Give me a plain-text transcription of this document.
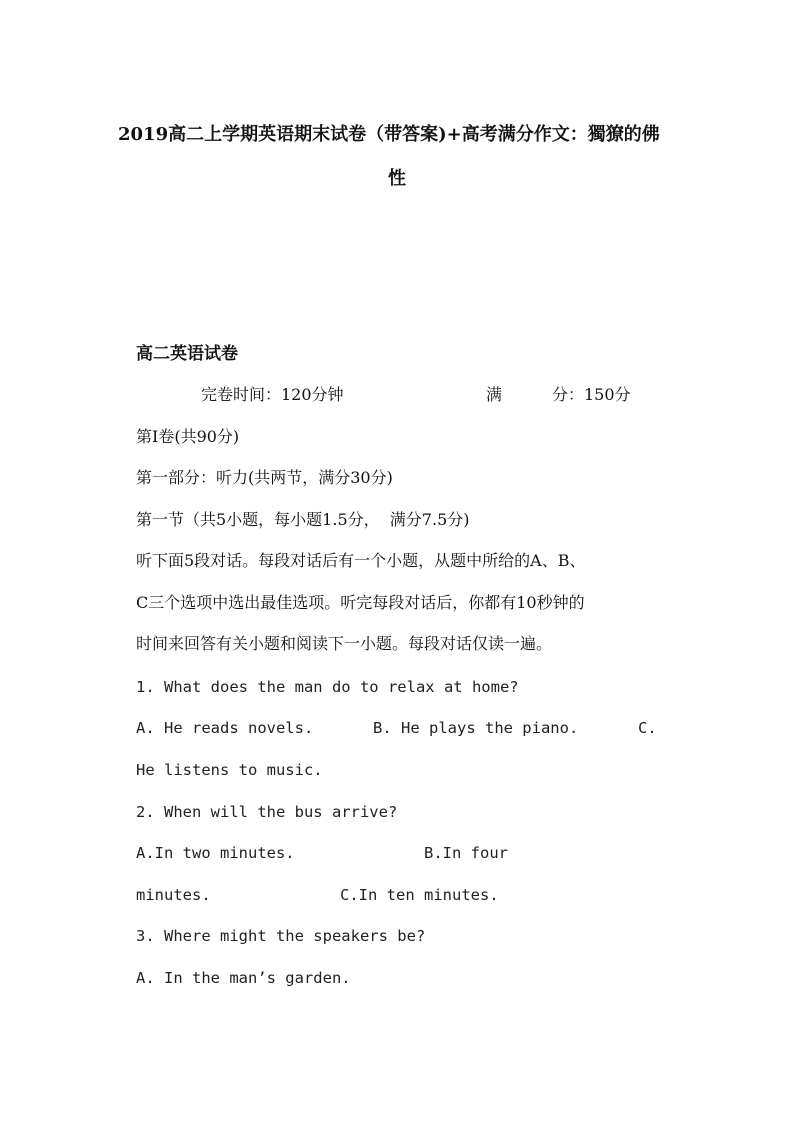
2019高二上学期英语期末试卷（带答案)+高考满分作文：獨獠的佛
性
高二英语试卷
完卷时间：120分钟	满	分：150分
第Ⅰ卷(共90分)
第一部分：听力(共两节，满分30分)
第一节（共5小题，每小题1.5分，  满分7.5分)
听下面5段对话。每段对话后有一个小题，从题中所给的A、B、
C三个选项中选出最佳选项。听完每段对话后，你都有10秒钟的
时间来回答有关小题和阅读下一小题。每段对话仅读一遍。
1. What does the man do to relax at home?
A. He reads novels.	B. He plays the piano.	C.
He listens to music.
2. When will the bus arrive?
A.In two minutes.	B.In four
minutes.	C.In ten minutes.
3. Where might the speakers be?
A. In the man’s garden.
